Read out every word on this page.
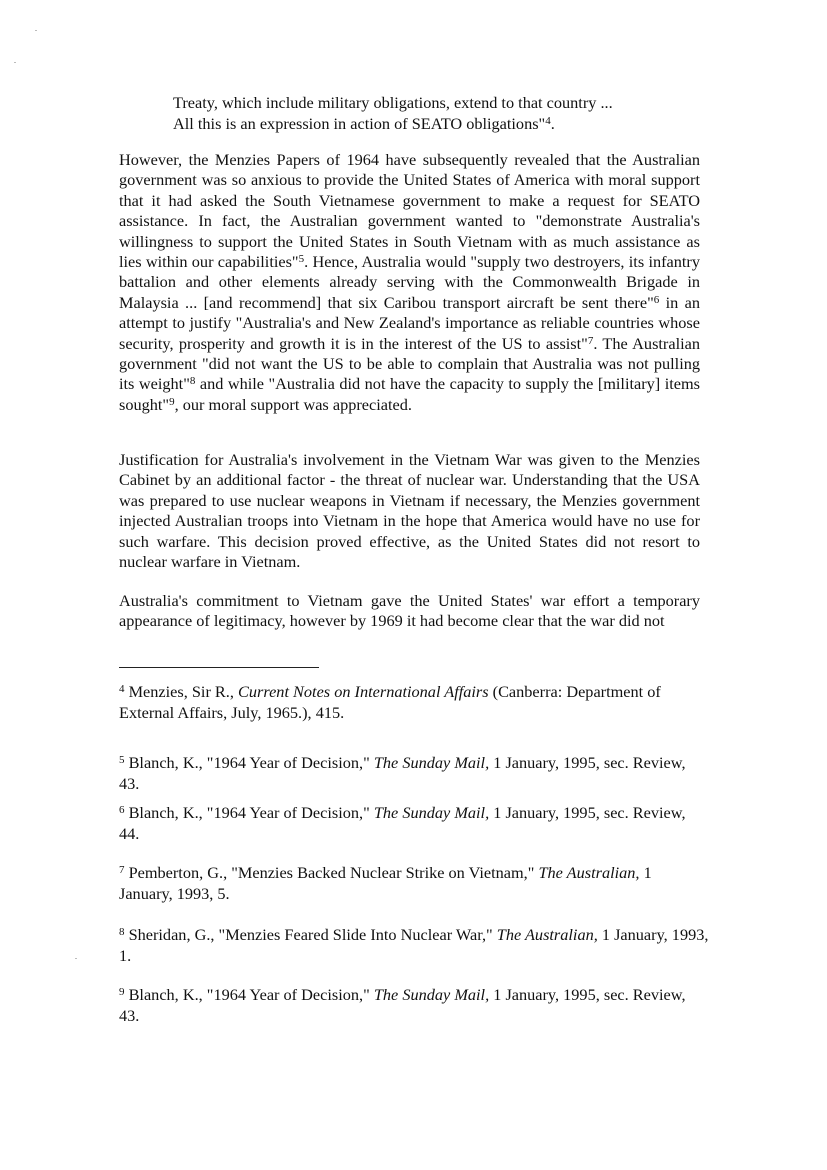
Treaty, which include military obligations, extend to that country ...

All this is an expression in action of SEATO obligations"$^4$.

However, the Menzies Papers of 1964 have subsequently revealed that the Australian government was so anxious to provide the United States of America with moral support that it had asked the South Vietnamese government to make a request for SEATO assistance. In fact, the Australian government wanted to "demonstrate Australia's willingness to support the United States in South Vietnam with as much assistance as lies within our capabilities"$^5$. Hence, Australia would "supply two destroyers, its infantry battalion and other elements already serving with the Commonwealth Brigade in Malaysia ... [and recommend] that six Caribou transport aircraft be sent there"$^6$ in an attempt to justify "Australia's and New Zealand's importance as reliable countries whose security, prosperity and growth it is in the interest of the US to assist"$^7$. The Australian government "did not want the US to be able to complain that Australia was not pulling its weight"$^8$ and while "Australia did not have the capacity to supply the [military] items sought"$^9$, our moral support was appreciated.

Justification for Australia's involvement in the Vietnam War was given to the Menzies Cabinet by an additional factor - the threat of nuclear war. Understanding that the USA was prepared to use nuclear weapons in Vietnam if necessary, the Menzies government injected Australian troops into Vietnam in the hope that America would have no use for such warfare. This decision proved effective, as the United States did not resort to nuclear warfare in Vietnam.

Australia's commitment to Vietnam gave the United States' war effort a temporary appearance of legitimacy, however by 1969 it had become clear that the war did not

$^4$ Menzies, Sir R., Current Notes on International Affairs (Canberra: Department of External Affairs, July, 1965.), 415.

$^5$ Blanch, K., "1964 Year of Decision," The Sunday Mail, 1 January, 1995, sec. Review, 43.

$^6$ Blanch, K., "1964 Year of Decision," The Sunday Mail, 1 January, 1995, sec. Review, 44.

$^7$ Pemberton, G., "Menzies Backed Nuclear Strike on Vietnam," The Australian, 1 January, 1993, 5.

$^8$ Sheridan, G., "Menzies Feared Slide Into Nuclear War," The Australian, 1 January, 1993, 1.

$^9$ Blanch, K., "1964 Year of Decision," The Sunday Mail, 1 January, 1995, sec. Review, 43.
